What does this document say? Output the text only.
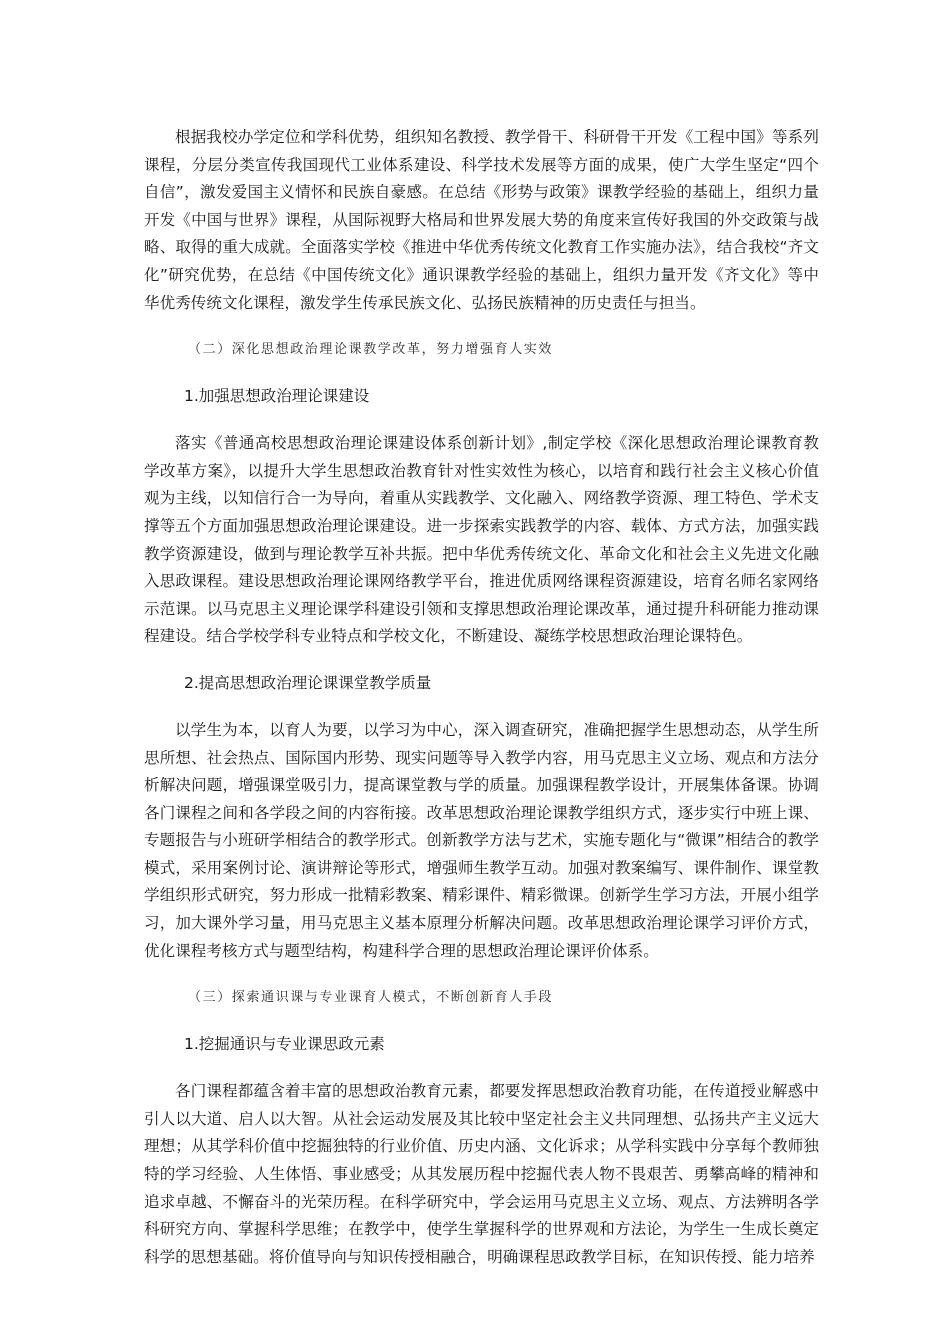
根据我校办学定位和学科优势，组织知名教授、教学骨干、科研骨干开发《工程中国》等系列课程，分层分类宣传我国现代工业体系建设、科学技术发展等方面的成果，使广大学生坚定“四个自信”，激发爱国主义情怀和民族自豪感。在总结《形势与政策》课教学经验的基础上，组织力量开发《中国与世界》课程，从国际视野大格局和世界发展大势的角度来宣传好我国的外交政策与战略、取得的重大成就。全面落实学校《推进中华优秀传统文化教育工作实施办法》，结合我校“齐文化”研究优势，在总结《中国传统文化》通识课教学经验的基础上，组织力量开发《齐文化》等中华优秀传统文化课程，激发学生传承民族文化、弘扬民族精神的历史责任与担当。

（二）深化思想政治理论课教学改革，努力增强育人实效

1.加强思想政治理论课建设

落实《普通高校思想政治理论课建设体系创新计划》,制定学校《深化思想政治理论课教育教学改革方案》，以提升大学生思想政治教育针对性实效性为核心，以培育和践行社会主义核心价值观为主线，以知信行合一为导向，着重从实践教学、文化融入、网络教学资源、理工特色、学术支撑等五个方面加强思想政治理论课建设。进一步探索实践教学的内容、载体、方式方法，加强实践教学资源建设，做到与理论教学互补共振。把中华优秀传统文化、革命文化和社会主义先进文化融入思政课程。建设思想政治理论课网络教学平台，推进优质网络课程资源建设，培育名师名家网络示范课。以马克思主义理论课学科建设引领和支撑思想政治理论课改革，通过提升科研能力推动课程建设。结合学校学科专业特点和学校文化，不断建设、凝练学校思想政治理论课特色。

2.提高思想政治理论课课堂教学质量

以学生为本，以育人为要，以学习为中心，深入调查研究，准确把握学生思想动态，从学生所思所想、社会热点、国际国内形势、现实问题等导入教学内容，用马克思主义立场、观点和方法分析解决问题，增强课堂吸引力，提高课堂教与学的质量。加强课程教学设计，开展集体备课。协调各门课程之间和各学段之间的内容衔接。改革思想政治理论课教学组织方式，逐步实行中班上课、专题报告与小班研学相结合的教学形式。创新教学方法与艺术，实施专题化与“微课”相结合的教学模式，采用案例讨论、演讲辩论等形式，增强师生教学互动。加强对教案编写、课件制作、课堂教学组织形式研究，努力形成一批精彩教案、精彩课件、精彩微课。创新学生学习方法，开展小组学习，加大课外学习量，用马克思主义基本原理分析解决问题。改革思想政治理论课学习评价方式，优化课程考核方式与题型结构，构建科学合理的思想政治理论课评价体系。

（三）探索通识课与专业课育人模式，不断创新育人手段

1.挖掘通识与专业课思政元素

各门课程都蕴含着丰富的思想政治教育元素，都要发挥思想政治教育功能，在传道授业解惑中引人以大道、启人以大智。从社会运动发展及其比较中坚定社会主义共同理想、弘扬共产主义远大理想；从其学科价值中挖掘独特的行业价值、历史内涵、文化诉求；从学科实践中分享每个教师独特的学习经验、人生体悟、事业感受；从其发展历程中挖掘代表人物不畏艰苦、勇攀高峰的精神和追求卓越、不懈奋斗的光荣历程。在科学研究中，学会运用马克思主义立场、观点、方法辨明各学科研究方向、掌握科学思维；在教学中，使学生掌握科学的世界观和方法论，为学生一生成长奠定科学的思想基础。将价值导向与知识传授相融合，明确课程思政教学目标，在知识传授、能力培养
